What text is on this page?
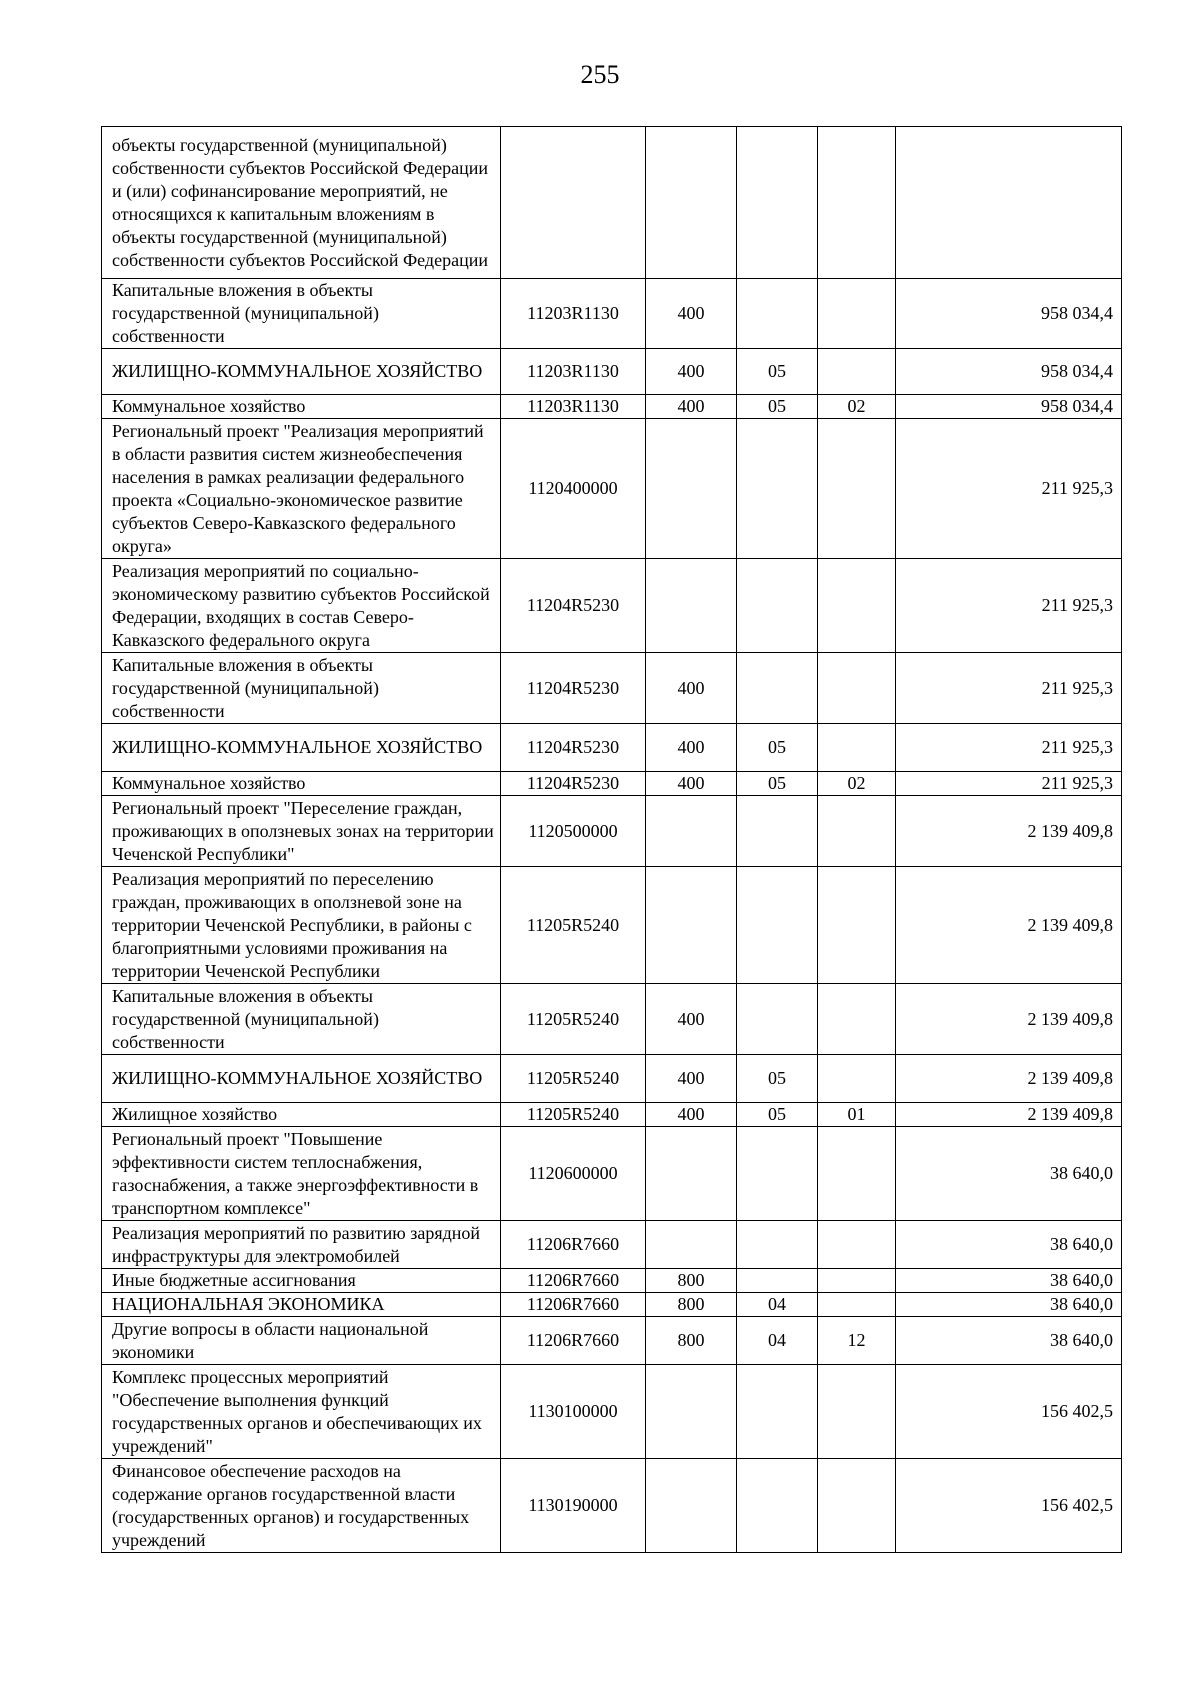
255
объекты государственной (муниципальной) собственности субъектов Российской Федерации и (или) софинансирование мероприятий, не относящихся к капитальным вложениям в объекты государственной (муниципальной) собственности субъектов Российской Федерации					
Капитальные вложения в объекты государственной (муниципальной) собственности	11203R1130	400			958 034,4
ЖИЛИЩНО-КОММУНАЛЬНОЕ ХОЗЯЙСТВО	11203R1130	400	05		958 034,4
Коммунальное хозяйство	11203R1130	400	05	02	958 034,4
Региональный проект "Реализация мероприятий в области развития систем жизнеобеспечения населения в рамках реализации федерального проекта «Социально-экономическое развитие субъектов Северо-Кавказского федерального округа»	1120400000				211 925,3
Реализация мероприятий по социально-экономическому развитию субъектов Российской Федерации, входящих в состав Северо-Кавказского федерального округа	11204R5230				211 925,3
Капитальные вложения в объекты государственной (муниципальной) собственности	11204R5230	400			211 925,3
ЖИЛИЩНО-КОММУНАЛЬНОЕ ХОЗЯЙСТВО	11204R5230	400	05		211 925,3
Коммунальное хозяйство	11204R5230	400	05	02	211 925,3
Региональный проект "Переселение граждан, проживающих в оползневых зонах на территории Чеченской Республики"	1120500000				2 139 409,8
Реализация мероприятий по переселению граждан, проживающих в оползневой зоне на территории Чеченской Республики, в районы с благоприятными условиями проживания на территории Чеченской Республики	11205R5240				2 139 409,8
Капитальные вложения в объекты государственной (муниципальной) собственности	11205R5240	400			2 139 409,8
ЖИЛИЩНО-КОММУНАЛЬНОЕ ХОЗЯЙСТВО	11205R5240	400	05		2 139 409,8
Жилищное хозяйство	11205R5240	400	05	01	2 139 409,8
Региональный проект "Повышение эффективности систем теплоснабжения, газоснабжения, а также энергоэффективности в транспортном комплексе"	1120600000				38 640,0
Реализация мероприятий по развитию зарядной инфраструктуры для электромобилей	11206R7660				38 640,0
Иные бюджетные ассигнования	11206R7660	800			38 640,0
НАЦИОНАЛЬНАЯ ЭКОНОМИКА	11206R7660	800	04		38 640,0
Другие вопросы в области национальной экономики	11206R7660	800	04	12	38 640,0
Комплекс процессных мероприятий "Обеспечение выполнения функций государственных органов и обеспечивающих их учреждений"	1130100000				156 402,5
Финансовое обеспечение расходов на содержание органов государственной власти (государственных органов) и государственных учреждений	1130190000				156 402,5
